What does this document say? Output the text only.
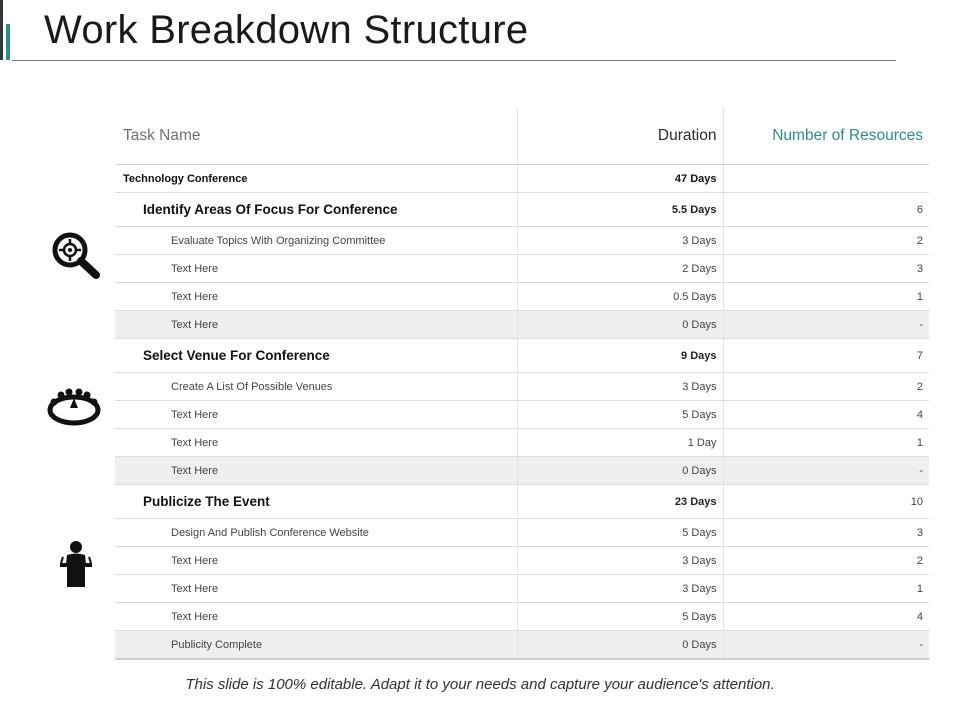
Work Breakdown Structure
Task Name	Duration	Number of Resources
Technology Conference	47 Days	
Identify Areas Of Focus For Conference	5.5 Days	6
Evaluate Topics With Organizing Committee	3 Days	2
Text Here	2 Days	3
Text Here	0.5 Days	1
Text Here	0 Days	-
Select Venue For Conference	9 Days	7
Create A List Of Possible Venues	3 Days	2
Text Here	5 Days	4
Text Here	1 Day	1
Text Here	0 Days	-
Publicize The Event	23 Days	10
Design And Publish Conference Website	5 Days	3
Text Here	3 Days	2
Text Here	3 Days	1
Text Here	5 Days	4
Publicity Complete	0 Days	-
This slide is 100% editable. Adapt it to your needs and capture your audience's attention.
